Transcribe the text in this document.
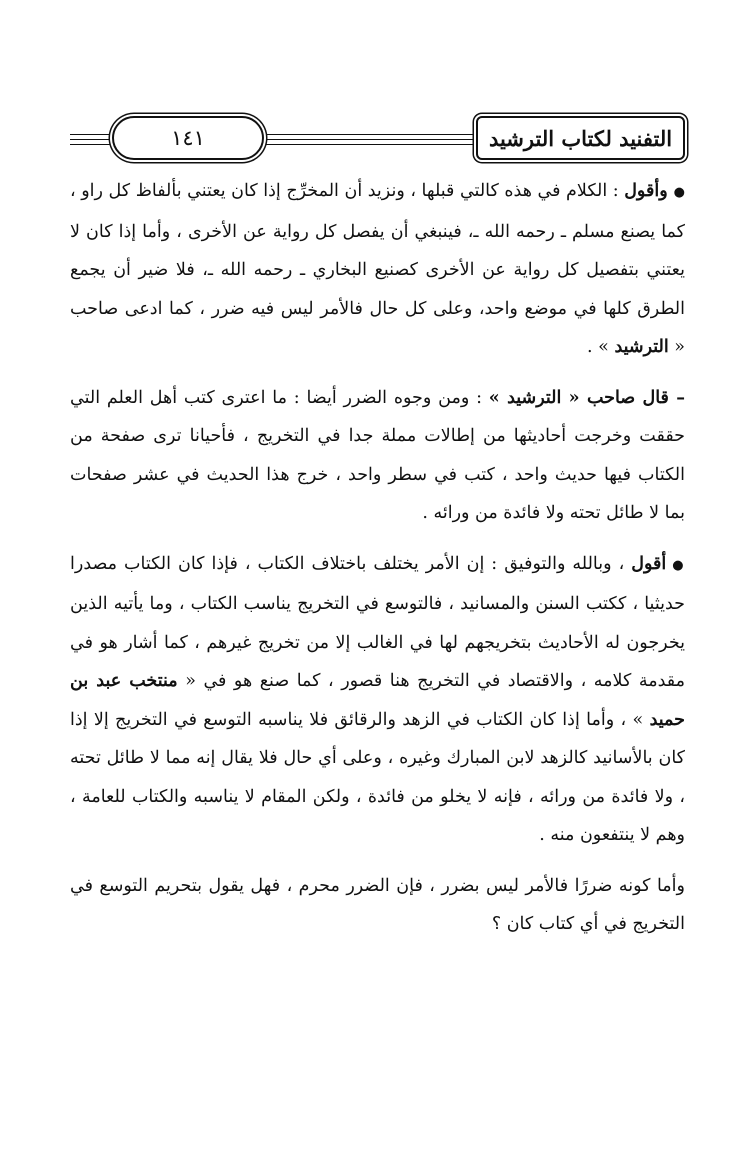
التفنيد لكتاب الترشيد
١٤١

●وأقول : الكلام في هذه كالتي قبلها ، ونزيد أن المخرِّج إذا كان يعتني بألفاظ كل راو ، كما يصنع مسلم ـ رحمه الله ـ، فينبغي أن يفصل كل رواية عن الأخرى ، وأما إذا كان لا يعتني بتفصيل كل رواية عن الأخرى كصنيع البخاري ـ رحمه الله ـ، فلا ضير أن يجمع الطرق كلها في موضع واحد، وعلى كل حال فالأمر ليس فيه ضرر ، كما ادعى صاحب « الترشيد » .

– قال صاحب « الترشيد » : ومن وجوه الضرر أيضا : ما اعترى كتب أهل العلم التي حققت وخرجت أحاديثها من إطالات مملة جدا في التخريج ، فأحيانا ترى صفحة من الكتاب فيها حديث واحد ، كتب في سطر واحد ، خرج هذا الحديث في عشر صفحات بما لا طائل تحته ولا فائدة من ورائه .

●أقول ، وبالله والتوفيق : إن الأمر يختلف باختلاف الكتاب ، فإذا كان الكتاب مصدرا حديثيا ، ككتب السنن والمسانيد ، فالتوسع في التخريج يناسب الكتاب ، وما يأتيه الذين يخرجون له الأحاديث بتخريجهم لها في الغالب إلا من تخريج غيرهم ، كما أشار هو في مقدمة كلامه ، والاقتصاد في التخريج هنا قصور ، كما صنع هو في « منتخب عبد بن حميد » ، وأما إذا كان الكتاب في الزهد والرقائق فلا يناسبه التوسع في التخريج إلا إذا كان بالأسانيد كالزهد لابن المبارك وغيره ، وعلى أي حال فلا يقال إنه مما لا طائل تحته ، ولا فائدة من ورائه ، فإنه لا يخلو من فائدة ، ولكن المقام لا يناسبه والكتاب للعامة ، وهم لا ينتفعون منه .

وأما كونه ضررًا فالأمر ليس بضرر ، فإن الضرر محرم ، فهل يقول بتحريم التوسع في التخريج في أي كتاب كان ؟
